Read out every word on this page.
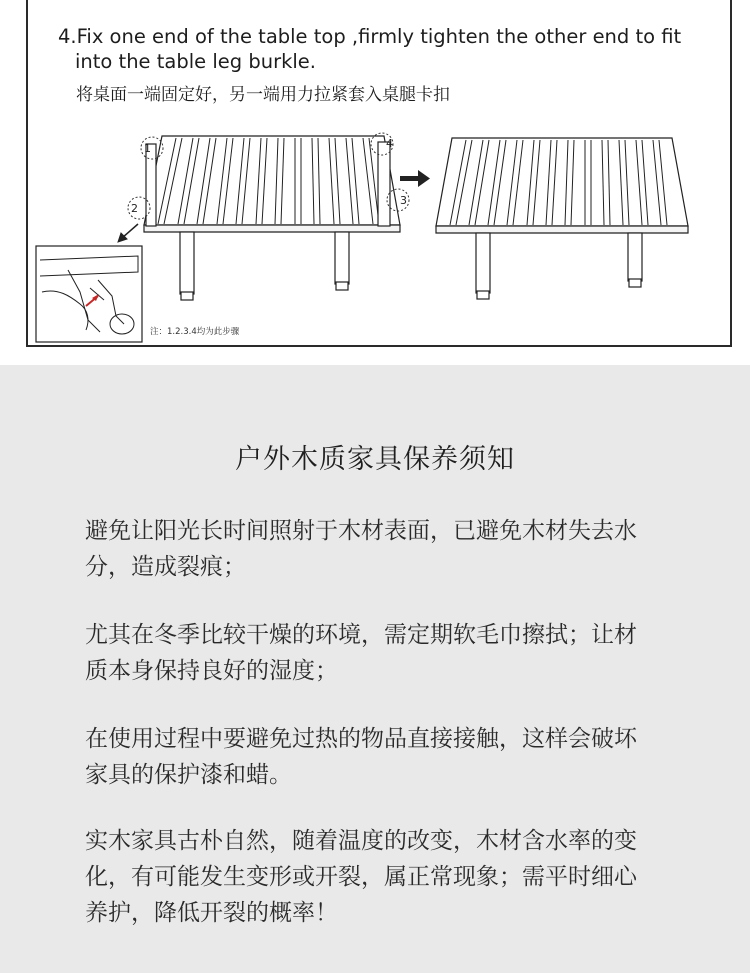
4.Fix one end of the table top ,firmly tighten the other end to fit
into the table leg burkle.
将桌面一端固定好，另一端用力拉紧套入桌腿卡扣
1
2
3
4
注：1.2.3.4均为此步骤
户外木质家具保养须知
避免让阳光长时间照射于木材表面，已避免木材失去水
分，造成裂痕；
尤其在冬季比较干燥的环境，需定期软毛巾擦拭；让材
质本身保持良好的湿度；
在使用过程中要避免过热的物品直接接触，这样会破坏
家具的保护漆和蜡。
实木家具古朴自然，随着温度的改变，木材含水率的变
化，有可能发生变形或开裂，属正常现象；需平时细心
养护，降低开裂的概率！
